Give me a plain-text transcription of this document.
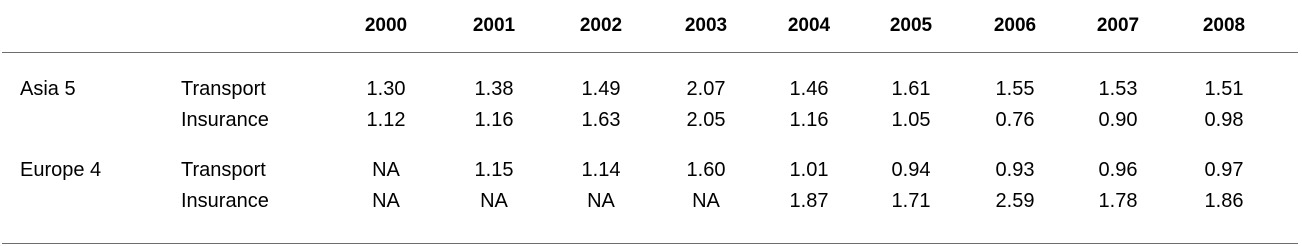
2000	2001	2002	2003	2004	2005	2006	2007	2008
Asia 5	Transport	1.30	1.38	1.49	2.07	1.46	1.61	1.55	1.53	1.51
Insurance	1.12	1.16	1.63	2.05	1.16	1.05	0.76	0.90	0.98
Europe 4	Transport	NA	1.15	1.14	1.60	1.01	0.94	0.93	0.96	0.97
Insurance	NA	NA	NA	NA	1.87	1.71	2.59	1.78	1.86
